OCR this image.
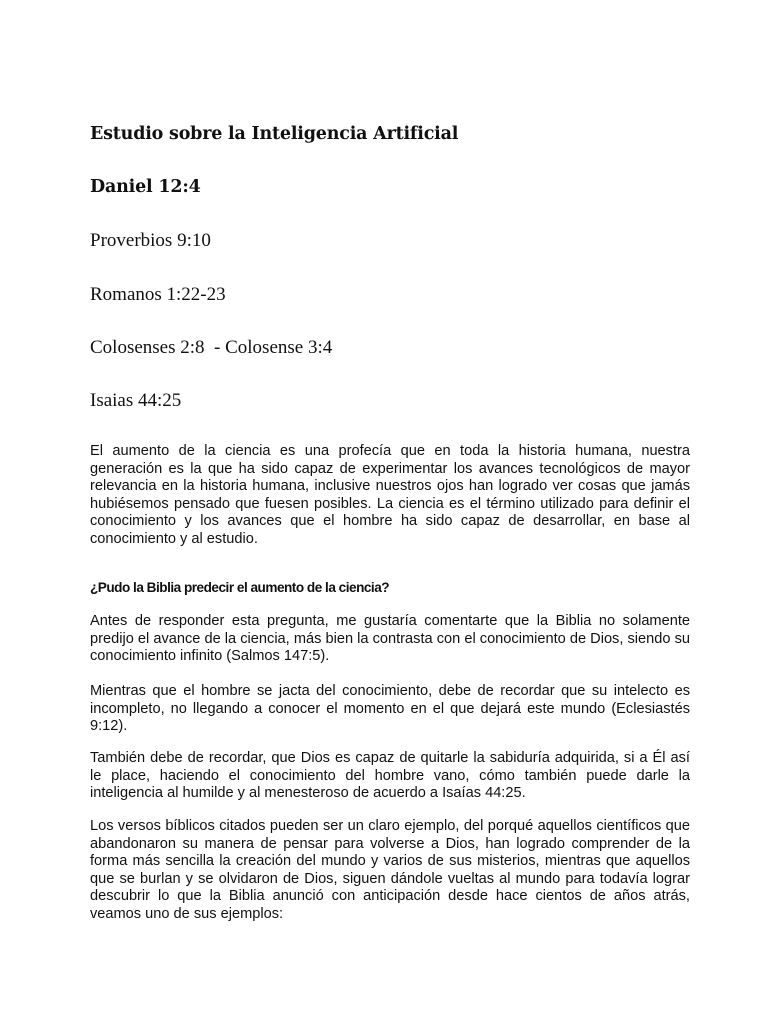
Estudio sobre la Inteligencia Artificial
Daniel 12:4

Proverbios 9:10

Romanos 1:22-23

Colosenses 2:8  - Colosense 3:4

Isaias 44:25

El aumento de la ciencia es una profecía que en toda la historia humana, nuestra generación es la que ha sido capaz de experimentar los avances tecnológicos de mayor relevancia en la historia humana, inclusive nuestros ojos han logrado ver cosas que jamás hubiésemos pensado que fuesen posibles. La ciencia es el término utilizado para definir el conocimiento y los avances que el hombre ha sido capaz de desarrollar, en base al conocimiento y al estudio.

¿Pudo la Biblia predecir el aumento de la ciencia?

Antes de responder esta pregunta, me gustaría comentarte que la Biblia no solamente predijo el avance de la ciencia, más bien la contrasta con el conocimiento de Dios, siendo su conocimiento infinito (Salmos 147:5).

Mientras que el hombre se jacta del conocimiento, debe de recordar que su intelecto es incompleto, no llegando a conocer el momento en el que dejará este mundo (Eclesiastés 9:12).

También debe de recordar, que Dios es capaz de quitarle la sabiduría adquirida, si a Él así le place, haciendo el conocimiento del hombre vano, cómo también puede darle la inteligencia al humilde y al menesteroso de acuerdo a Isaías 44:25.

Los versos bíblicos citados pueden ser un claro ejemplo, del porqué aquellos científicos que abandonaron su manera de pensar para volverse a Dios, han logrado comprender de la forma más sencilla la creación del mundo y varios de sus misterios, mientras que aquellos que se burlan y se olvidaron de Dios, siguen dándole vueltas al mundo para todavía lograr descubrir lo que la Biblia anunció con anticipación desde hace cientos de años atrás, veamos uno de sus ejemplos:
